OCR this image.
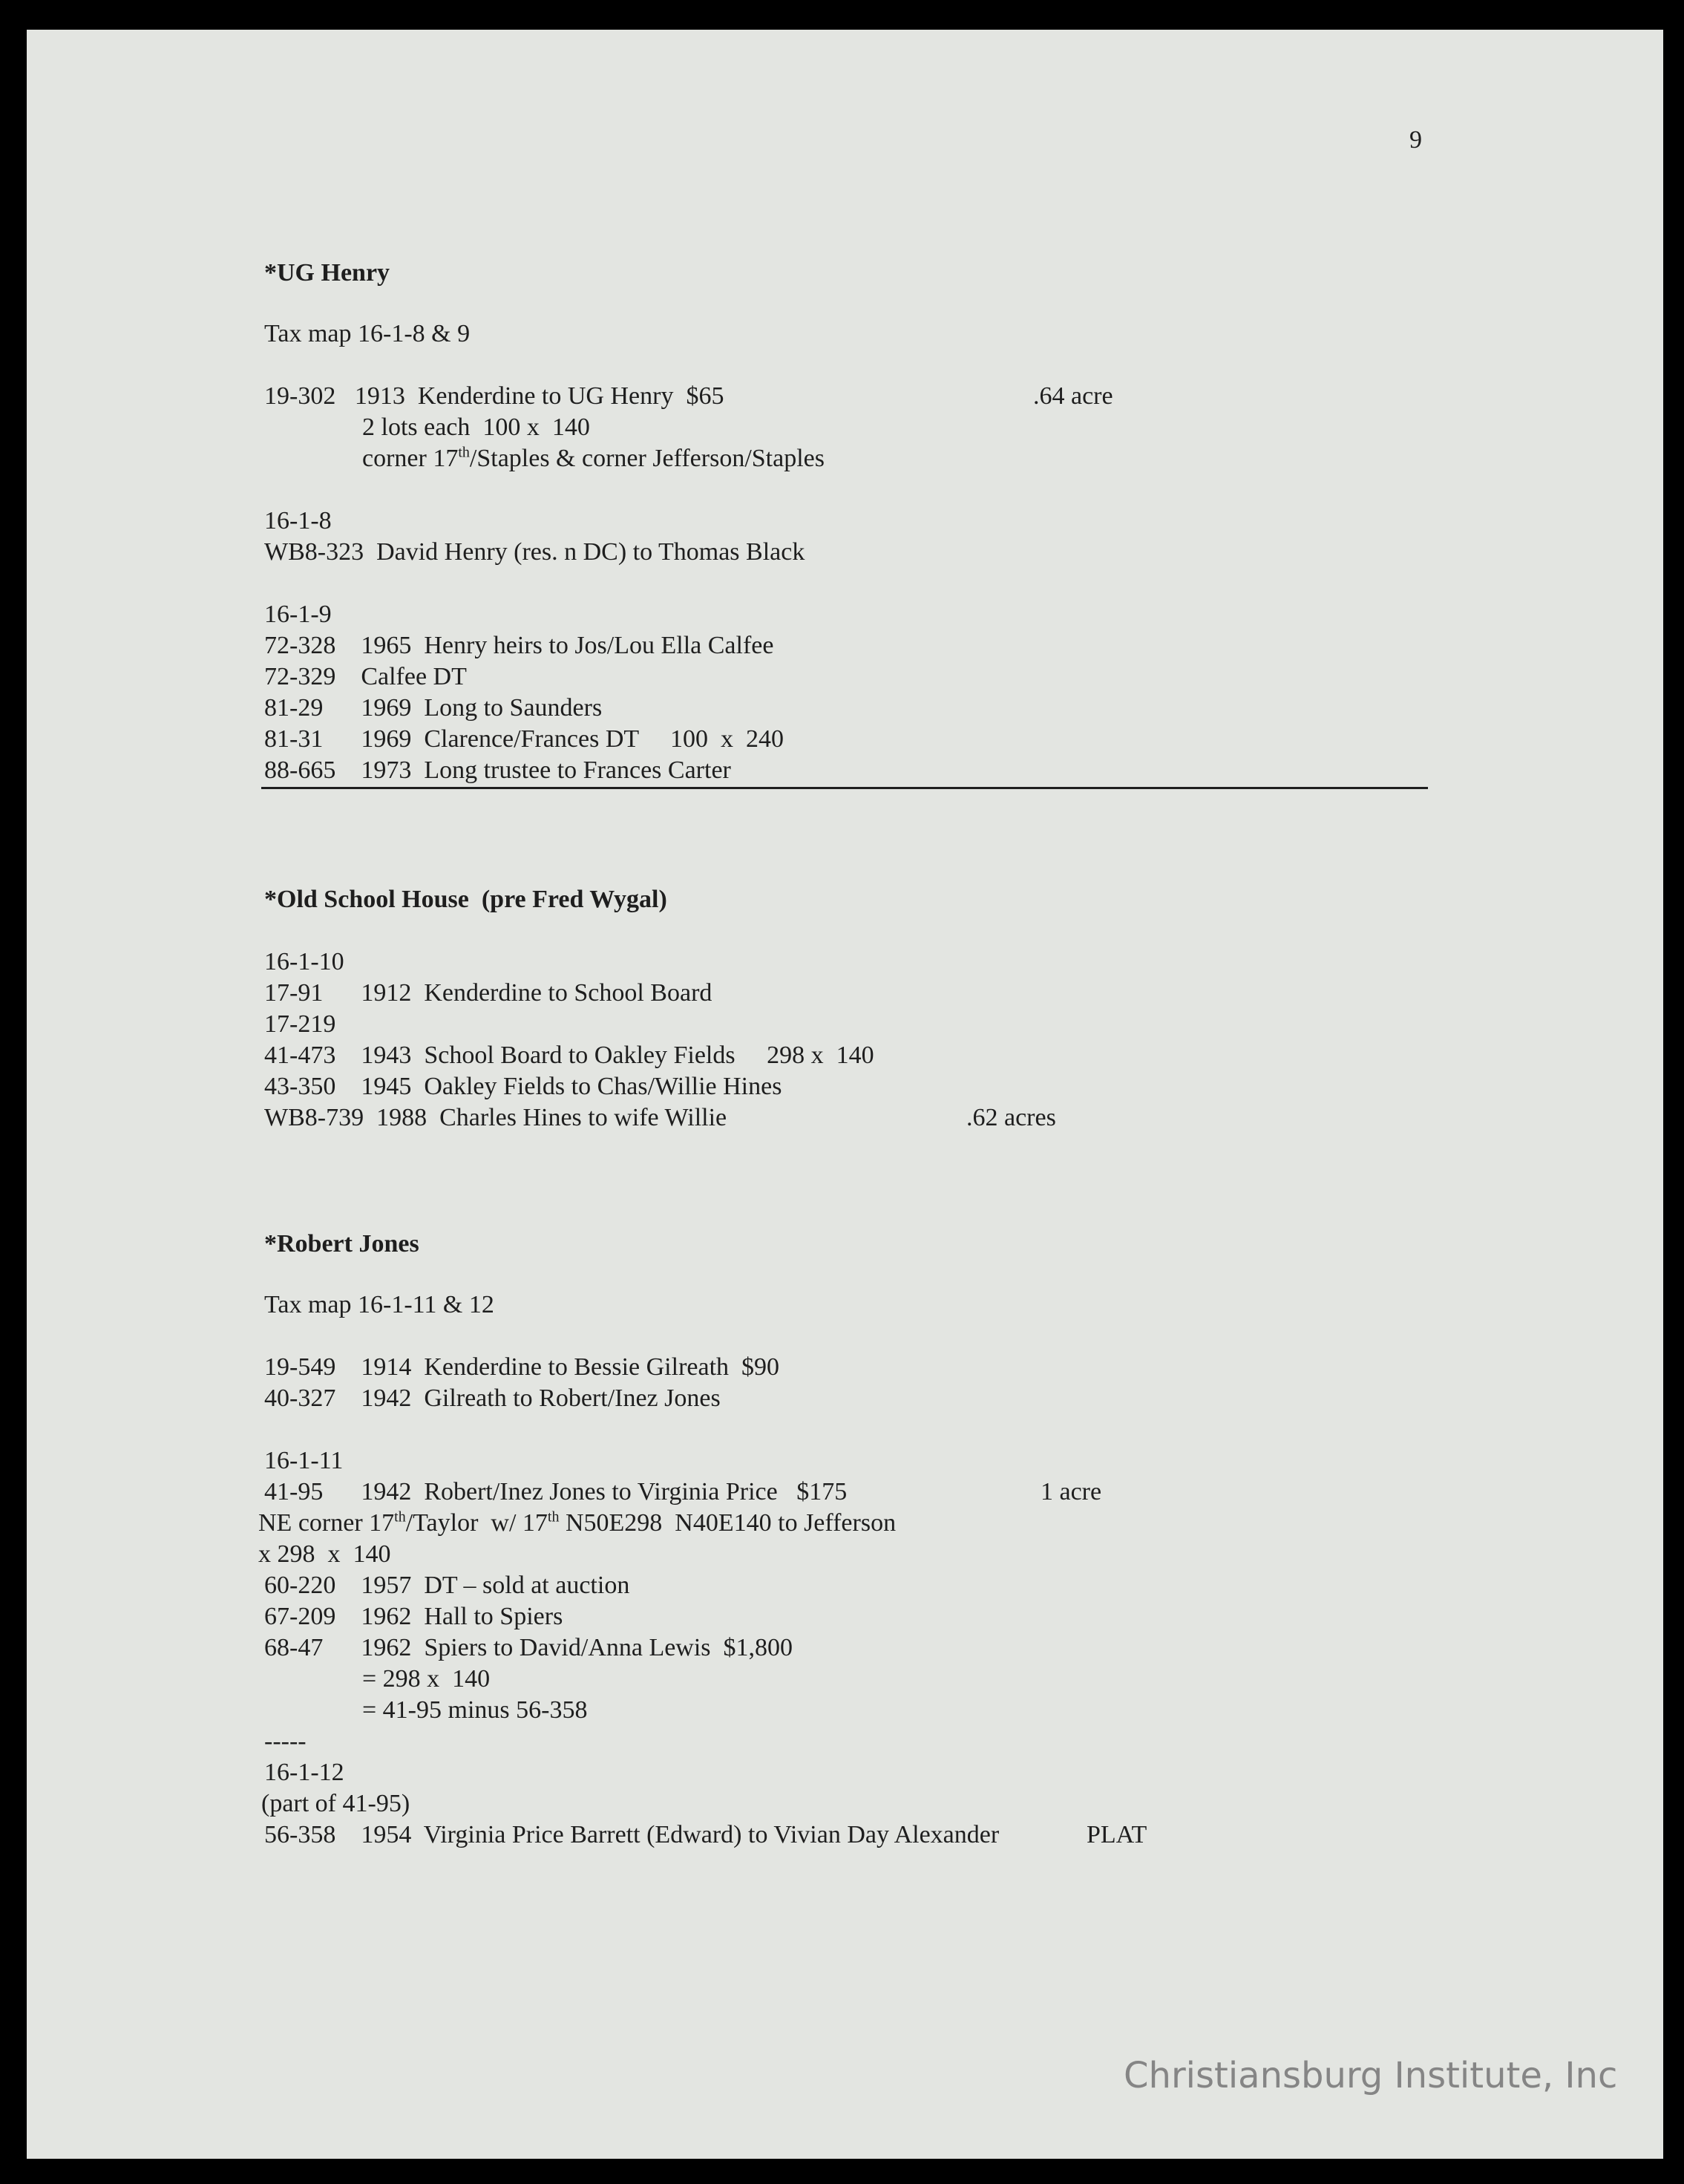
9
*UG Henry
Tax map 16-1-8 & 9
19-302   1913  Kenderdine to UG Henry  $65	.64 acre
2 lots each  100 x  140
corner 17th/Staples & corner Jefferson/Staples
16-1-8
WB8-323  David Henry (res. n DC) to Thomas Black
16-1-9
72-328    1965  Henry heirs to Jos/Lou Ella Calfee
72-329    Calfee DT
81-29      1969  Long to Saunders
81-31      1969  Clarence/Frances DT     100  x  240
88-665    1973  Long trustee to Frances Carter
*Old School House  (pre Fred Wygal)
16-1-10
17-91      1912  Kenderdine to School Board
17-219
41-473    1943  School Board to Oakley Fields     298 x  140
43-350    1945  Oakley Fields to Chas/Willie Hines
WB8-739  1988  Charles Hines to wife Willie	.62 acres
*Robert Jones
Tax map 16-1-11 & 12
19-549    1914  Kenderdine to Bessie Gilreath  $90
40-327    1942  Gilreath to Robert/Inez Jones
16-1-11
41-95      1942  Robert/Inez Jones to Virginia Price   $175	1 acre
NE corner 17th/Taylor  w/ 17th N50E298  N40E140 to Jefferson
x 298  x  140
60-220    1957  DT – sold at auction
67-209    1962  Hall to Spiers
68-47      1962  Spiers to David/Anna Lewis  $1,800
= 298 x  140
= 41-95 minus 56-358
-----
16-1-12
(part of 41-95)
56-358    1954  Virginia Price Barrett (Edward) to Vivian Day Alexander	PLAT
Christiansburg Institute, Inc
